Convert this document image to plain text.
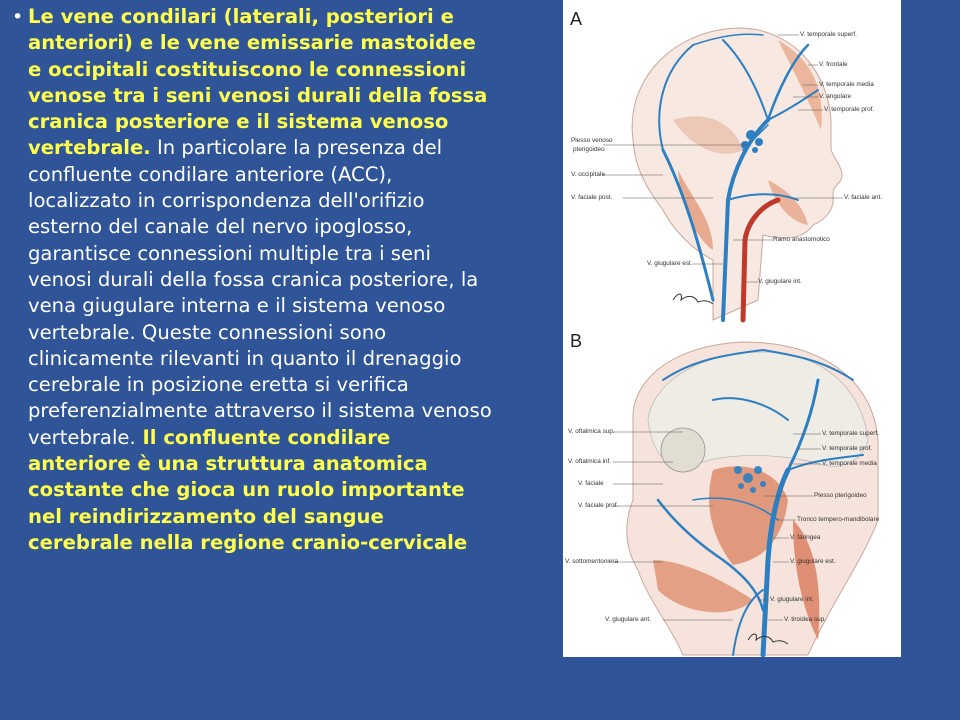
• Le vene condilari (laterali, posteriori e anteriori) e le vene emissarie mastoidee e occipitali costituiscono le connessioni venose tra i seni venosi durali della fossa cranica posteriore e il sistema venoso vertebrale. In particolare la presenza del confluente condilare anteriore (ACC), localizzato in corrispondenza dell'orifizio esterno del canale del nervo ipoglosso, garantisce connessioni multiple tra i seni venosi durali della fossa cranica posteriore, la vena giugulare interna e il sistema venoso vertebrale. Queste connessioni sono clinicamente rilevanti in quanto il drenaggio cerebrale in posizione eretta si verifica preferenzialmente attraverso il sistema venoso vertebrale. Il confluente condilare anteriore è una struttura anatomica costante che gioca un ruolo importante nel reindirizzamento del sangue cerebrale nella regione cranio-cervicale
A
B
V. temporale superf.
V. frontale
V. temporale media
V. angolare
V. temporale prof.
Plesso venoso
pterigoideo
V. occipitale
V. faciale post.	V. faciale ant.
Ramo anastomotico
V. giugulare est.
V. giugulare int.
V. oftalmica sup.	V. temporale superf.
V. temporale prof.
V. oftalmica inf.	V. temporale media
V. faciale
Plesso pterigoideo
V. faciale prof.
Tronco tempero-mandibolare
V. faringea
V. sottomentoniera	V. giugulare est.
V. giugulare int.
V. giugulare ant.	V. tiroidea sup.
